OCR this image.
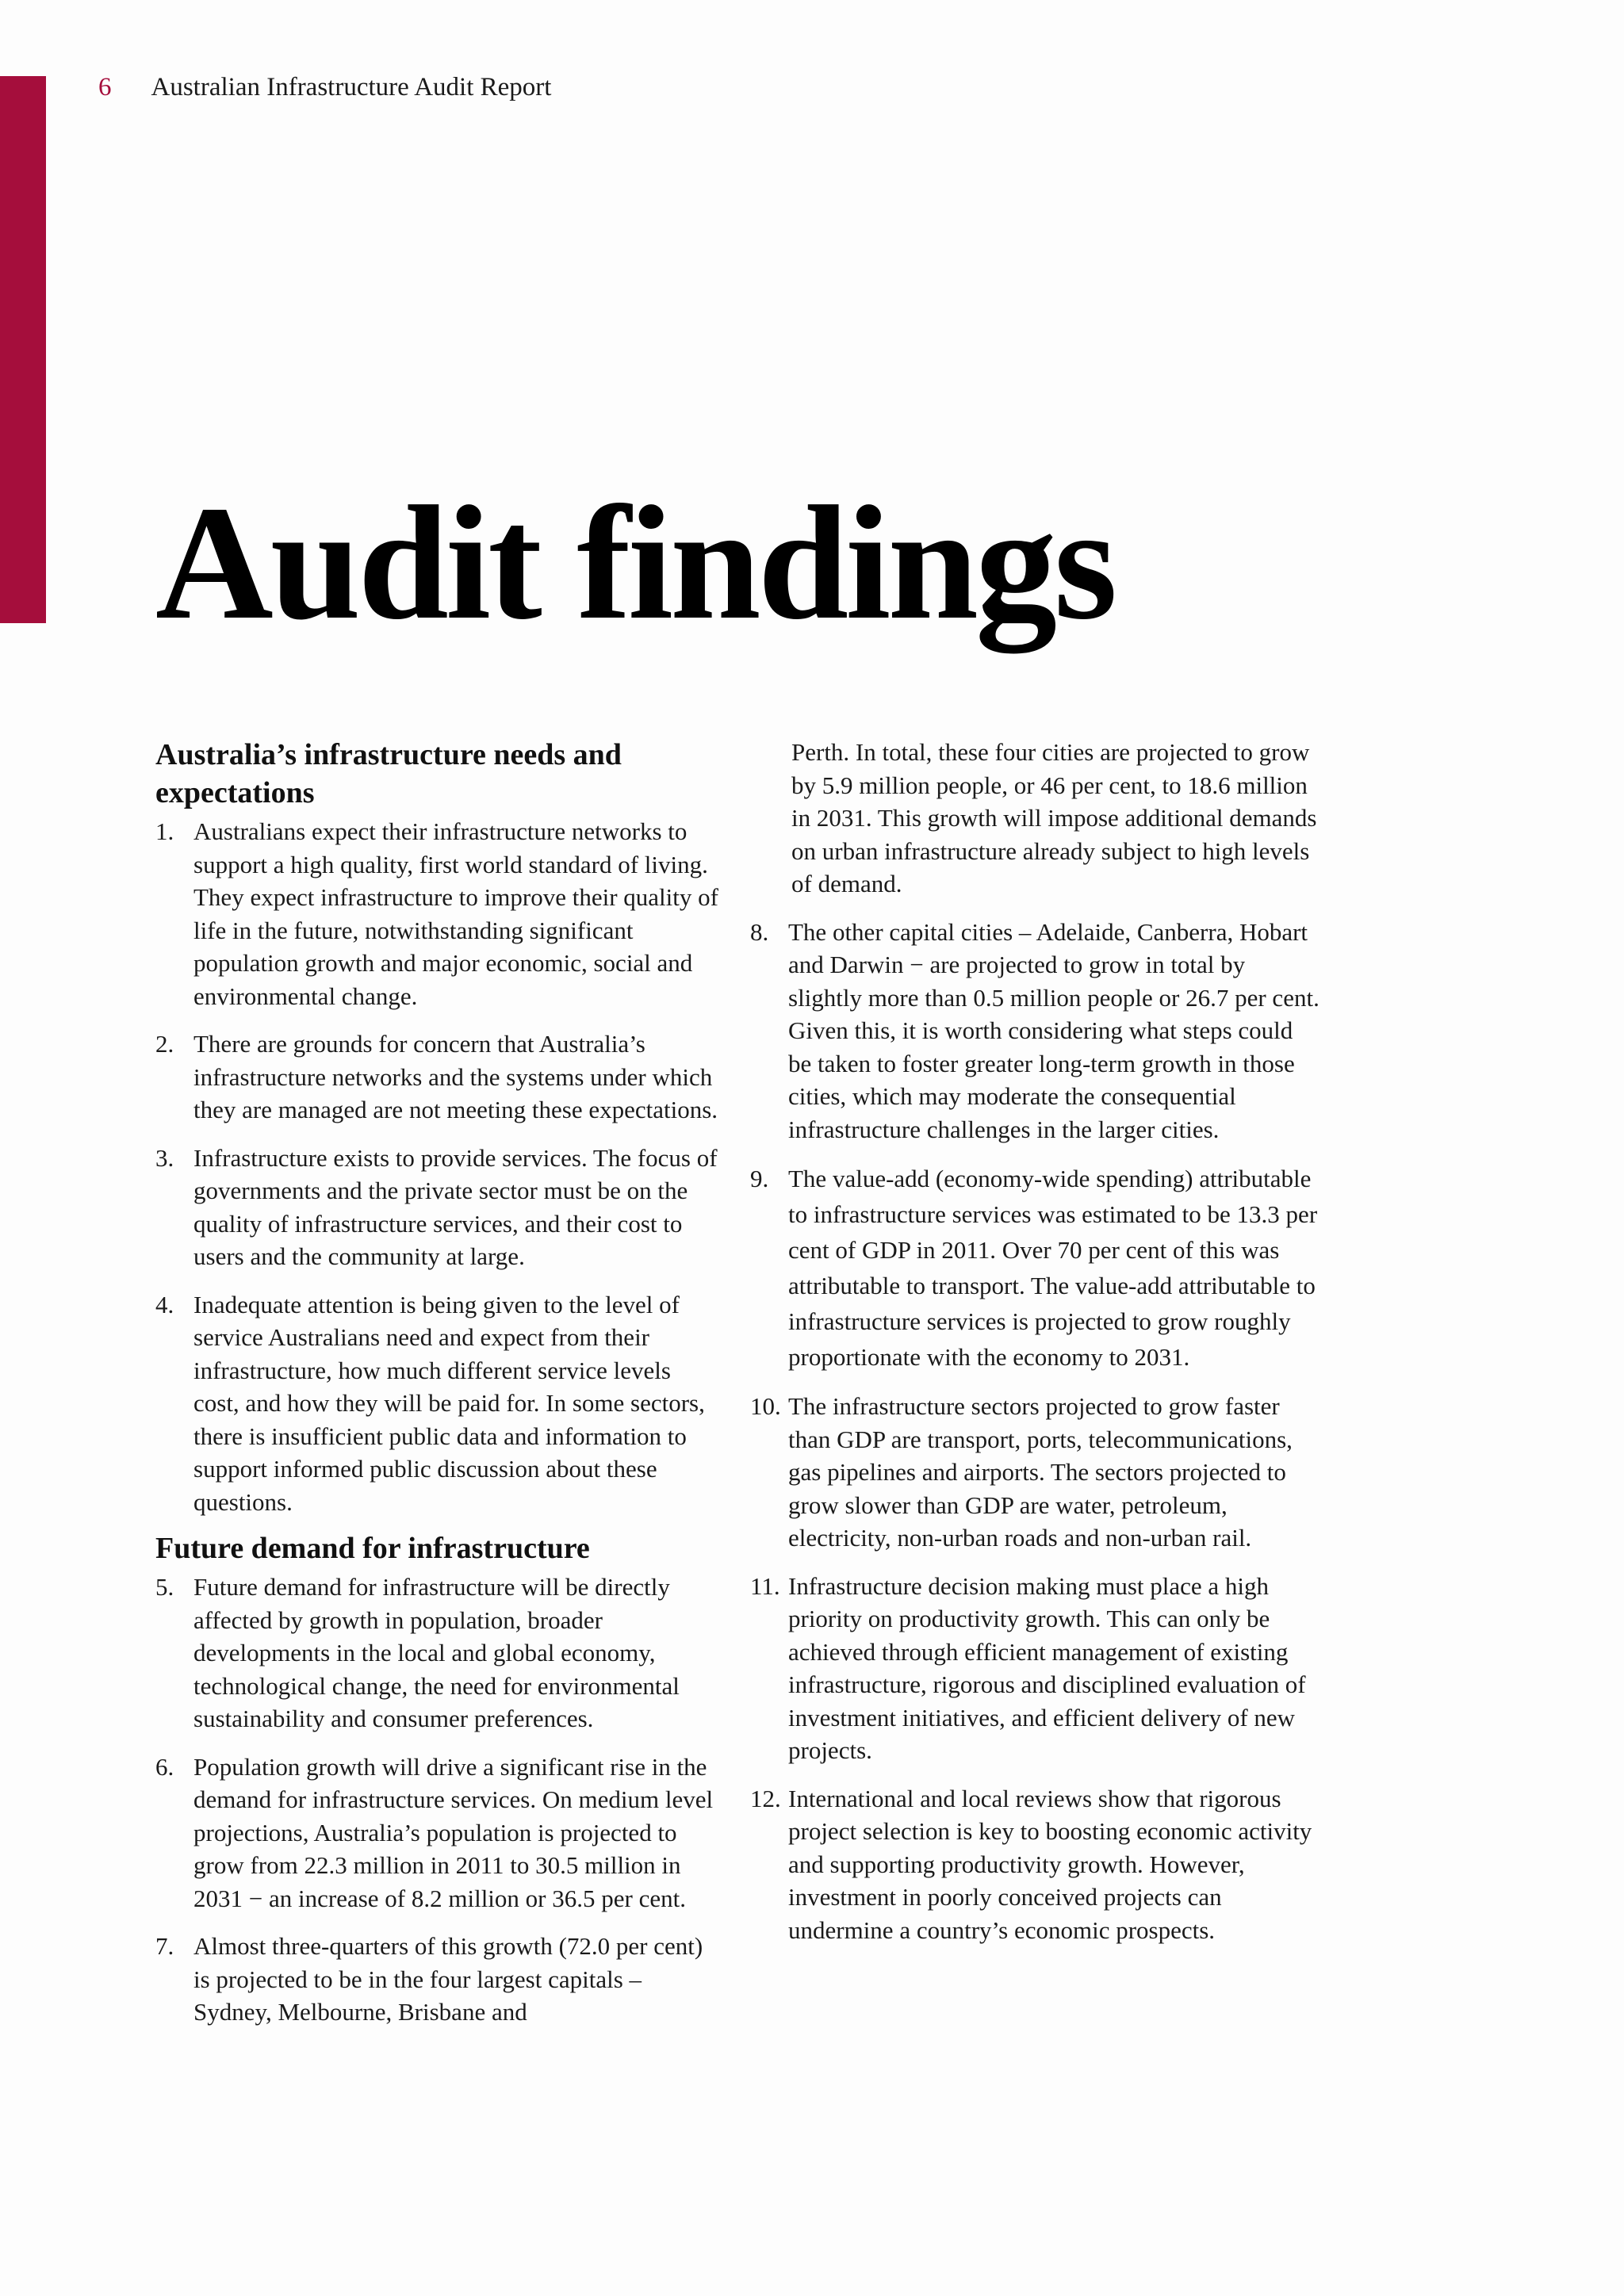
6 Australian Infrastructure Audit Report
Audit findings
Australia’s infrastructure needs and expectations
1. Australians expect their infrastructure networks to support a high quality, first world standard of living. They expect infrastructure to improve their quality of life in the future, notwithstanding significant population growth and major economic, social and environmental change.
2. There are grounds for concern that Australia’s infrastructure networks and the systems under which they are managed are not meeting these expectations.
3. Infrastructure exists to provide services. The focus of governments and the private sector must be on the quality of infrastructure services, and their cost to users and the community at large.
4. Inadequate attention is being given to the level of service Australians need and expect from their infrastructure, how much different service levels cost, and how they will be paid for. In some sectors, there is insufficient public data and information to support informed public discussion about these questions.
Future demand for infrastructure
5. Future demand for infrastructure will be directly affected by growth in population, broader developments in the local and global economy, technological change, the need for environmental sustainability and consumer preferences.
6. Population growth will drive a significant rise in the demand for infrastructure services. On medium level projections, Australia’s population is projected to grow from 22.3 million in 2011 to 30.5 million in 2031 − an increase of 8.2 million or 36.5 per cent.
7. Almost three-quarters of this growth (72.0 per cent) is projected to be in the four largest capitals – Sydney, Melbourne, Brisbane and

Perth. In total, these four cities are projected to grow by 5.9 million people, or 46 per cent, to 18.6 million in 2031. This growth will impose additional demands on urban infrastructure already subject to high levels of demand.

8. The other capital cities – Adelaide, Canberra, Hobart and Darwin − are projected to grow in total by slightly more than 0.5 million people or 26.7 per cent. Given this, it is worth considering what steps could be taken to foster greater long-term growth in those cities, which may moderate the consequential infrastructure challenges in the larger cities.
9. The value-add (economy-wide spending) attributable to infrastructure services was estimated to be 13.3 per cent of GDP in 2011. Over 70 per cent of this was attributable to transport. The value-add attributable to infrastructure services is projected to grow roughly proportionate with the economy to 2031.
10. The infrastructure sectors projected to grow faster than GDP are transport, ports, telecommunications, gas pipelines and airports. The sectors projected to grow slower than GDP are water, petroleum, electricity, non-urban roads and non-urban rail.
11. Infrastructure decision making must place a high priority on productivity growth. This can only be achieved through efficient management of existing infrastructure, rigorous and disciplined evaluation of investment initiatives, and efficient delivery of new projects.
12. International and local reviews show that rigorous project selection is key to boosting economic activity and supporting productivity growth. However, investment in poorly conceived projects can undermine a country’s economic prospects.
